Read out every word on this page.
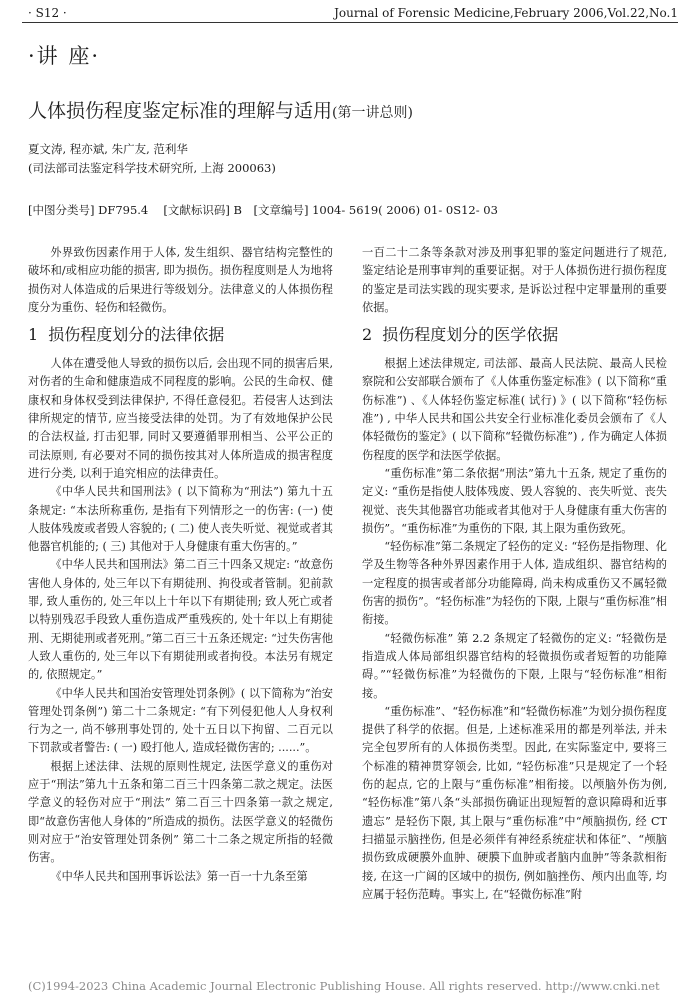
· S12 ·	Journal of Forensic Medicine,February 2006,Vol.22,No.1
·讲 座·
人体损伤程度鉴定标准的理解与适用(第一讲总则)
夏文涛, 程亦斌, 朱广友, 范利华
(司法部司法鉴定科学技术研究所, 上海 200063)
[中图分类号] DF795.4　 [文献标识码] B　[文章编号] 1004- 5619( 2006) 01- 0S12- 03

外界致伤因素作用于人体, 发生组织、器官结构完整性的破坏和/或相应功能的损害, 即为损伤。损伤程度则是人为地将损伤对人体造成的后果进行等级划分。法律意义的人体损伤程度分为重伤、轻伤和轻微伤。

1 损伤程度划分的法律依据

人体在遭受他人导致的损伤以后, 会出现不同的损害后果, 对伤者的生命和健康造成不同程度的影响。公民的生命权、健康权和身体权受到法律保护, 不得任意侵犯。若侵害人达到法律所规定的情节, 应当接受法律的处罚。为了有效地保护公民的合法权益, 打击犯罪, 同时又要遵循罪刑相当、公平公正的司法原则, 有必要对不同的损伤按其对人体所造成的损害程度进行分类, 以利于追究相应的法律责任。

《中华人民共和国刑法》( 以下简称为“刑法”) 第九十五条规定: “本法所称重伤, 是指有下列情形之一的伤害: (一) 使人肢体残废或者毁人容貌的; ( 二) 使人丧失听觉、视觉或者其他器官机能的; ( 三) 其他对于人身健康有重大伤害的。”

《中华人民共和国刑法》第二百三十四条又规定: “故意伤害他人身体的, 处三年以下有期徒刑、拘役或者管制。犯前款罪, 致人重伤的, 处三年以上十年以下有期徒刑; 致人死亡或者以特别残忍手段致人重伤造成严重残疾的, 处十年以上有期徒刑、无期徒刑或者死刑。”第二百三十五条还规定: “过失伤害他人致人重伤的, 处三年以下有期徒刑或者拘役。本法另有规定的, 依照规定。”

《中华人民共和国治安管理处罚条例》( 以下简称为“治安管理处罚条例”) 第二十二条规定: “有下列侵犯他人人身权利行为之一, 尚不够刑事处罚的, 处十五日以下拘留、二百元以下罚款或者警告: ( 一) 殴打他人, 造成轻微伤害的; ......”。

根据上述法律、法规的原则性规定, 法医学意义的重伤对应于“刑法”第九十五条和第二百三十四条第二款之规定。法医学意义的轻伤对应于“刑法” 第二百三十四条第一款之规定, 即“故意伤害他人身体的”所造成的损伤。法医学意义的轻微伤则对应于“治安管理处罚条例” 第二十二条之规定所指的轻微伤害。

《中华人民共和国刑事诉讼法》第一百一十九条至第

一百二十二条等条款对涉及刑事犯罪的鉴定问题进行了规范, 鉴定结论是刑事审判的重要证据。对于人体损伤进行损伤程度的鉴定是司法实践的现实要求, 是诉讼过程中定罪量刑的重要依据。

2 损伤程度划分的医学依据

根据上述法律规定, 司法部、最高人民法院、最高人民检察院和公安部联合颁布了《人体重伤鉴定标准》( 以下简称“重伤标准”) 、《人体轻伤鉴定标准( 试行) 》( 以下简称“轻伤标准”) , 中华人民共和国公共安全行业标准化委员会颁布了《人体轻微伤的鉴定》( 以下简称“轻微伤标准”) , 作为确定人体损伤程度的医学和法医学依据。

“重伤标准”第二条依据“刑法”第九十五条, 规定了重伤的定义: “重伤是指使人肢体残废、毁人容貌的、丧失听觉、丧失视觉、丧失其他器官功能或者其他对于人身健康有重大伤害的损伤”。“重伤标准”为重伤的下限, 其上限为重伤致死。

“轻伤标准”第二条规定了轻伤的定义: “轻伤是指物理、化学及生物等各种外界因素作用于人体, 造成组织、器官结构的一定程度的损害或者部分功能障碍, 尚未构成重伤又不属轻微伤害的损伤”。“轻伤标准”为轻伤的下限, 上限与“重伤标准”相衔接。

“轻微伤标准” 第 2.2 条规定了轻微伤的定义: “轻微伤是指造成人体局部组织器官结构的轻微损伤或者短暂的功能障碍。”“轻微伤标准”为轻微伤的下限, 上限与“轻伤标准”相衔接。

“重伤标准”、“轻伤标准”和“轻微伤标准”为划分损伤程度提供了科学的依据。但是, 上述标准采用的都是列举法, 并未完全包罗所有的人体损伤类型。因此, 在实际鉴定中, 要将三个标准的精神贯穿领会, 比如, “轻伤标准”只是规定了一个轻伤的起点, 它的上限与“重伤标准”相衔接。以颅脑外伤为例, “轻伤标准”第八条“头部损伤确证出现短暂的意识障碍和近事遗忘” 是轻伤下限, 其上限与“重伤标准”中“颅脑损伤, 经 CT 扫描显示脑挫伤, 但是必须伴有神经系统症状和体征”、“颅脑损伤致成硬膜外血肿、硬膜下血肿或者脑内血肿”等条款相衔接, 在这一广阔的区域中的损伤, 例如脑挫伤、颅内出血等, 均应属于轻伤范畴。事实上, 在“轻微伤标准”附

(C)1994-2023 China Academic Journal Electronic Publishing House. All rights reserved. http://www.cnki.net
